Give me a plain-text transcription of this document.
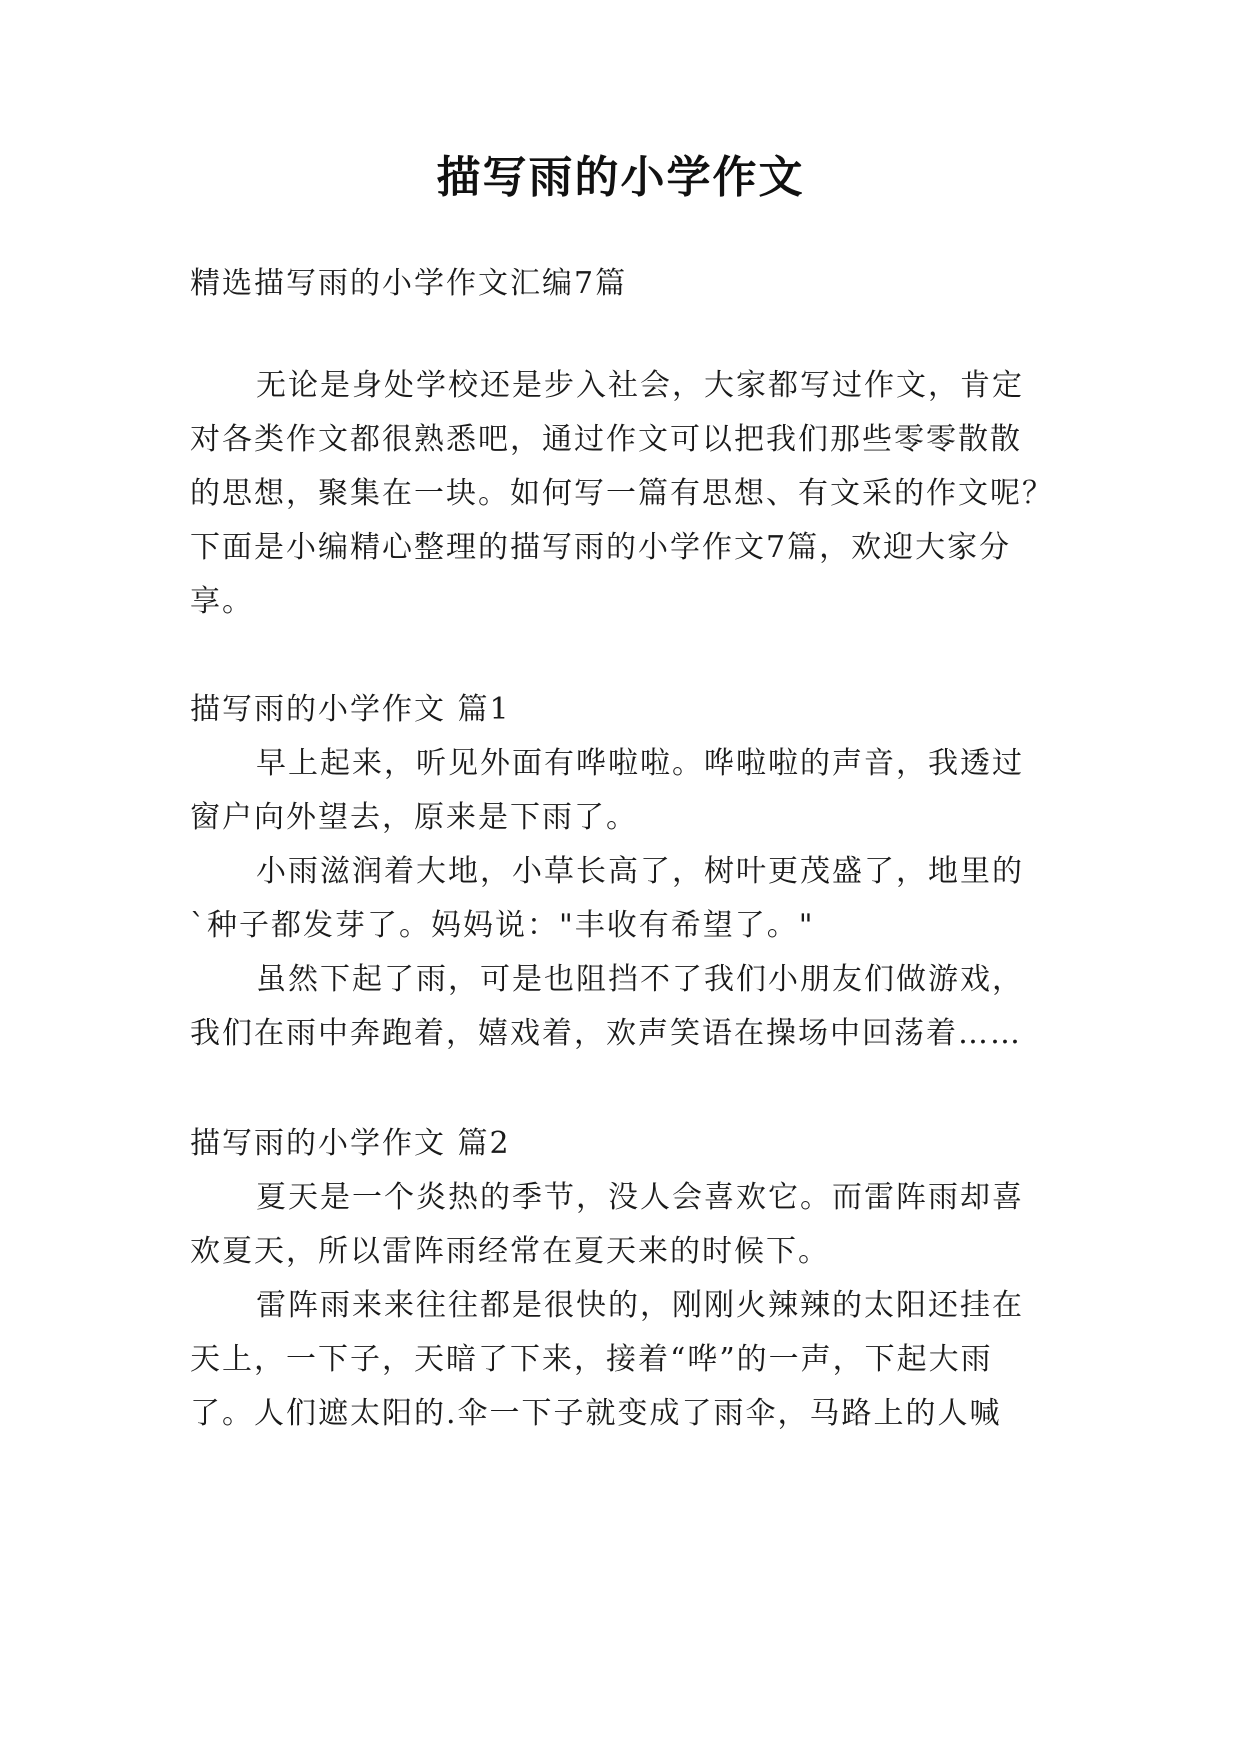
描写雨的小学作文
精选描写雨的小学作文汇编7篇
无论是身处学校还是步入社会，大家都写过作文，肯定
对各类作文都很熟悉吧，通过作文可以把我们那些零零散散
的思想，聚集在一块。如何写一篇有思想、有文采的作文呢？
下面是小编精心整理的描写雨的小学作文7篇，欢迎大家分
享。
描写雨的小学作文 篇1
早上起来，听见外面有哗啦啦。哗啦啦的声音，我透过
窗户向外望去，原来是下雨了。
小雨滋润着大地，小草长高了，树叶更茂盛了，地里的
`种子都发芽了。妈妈说："丰收有希望了。"
虽然下起了雨，可是也阻挡不了我们小朋友们做游戏，
我们在雨中奔跑着，嬉戏着，欢声笑语在操场中回荡着……
描写雨的小学作文 篇2
夏天是一个炎热的季节，没人会喜欢它。而雷阵雨却喜
欢夏天，所以雷阵雨经常在夏天来的时候下。
雷阵雨来来往往都是很快的，刚刚火辣辣的太阳还挂在
天上，一下子，天暗了下来，接着“哗”的一声，下起大雨
了。人们遮太阳的.伞一下子就变成了雨伞，马路上的人喊
